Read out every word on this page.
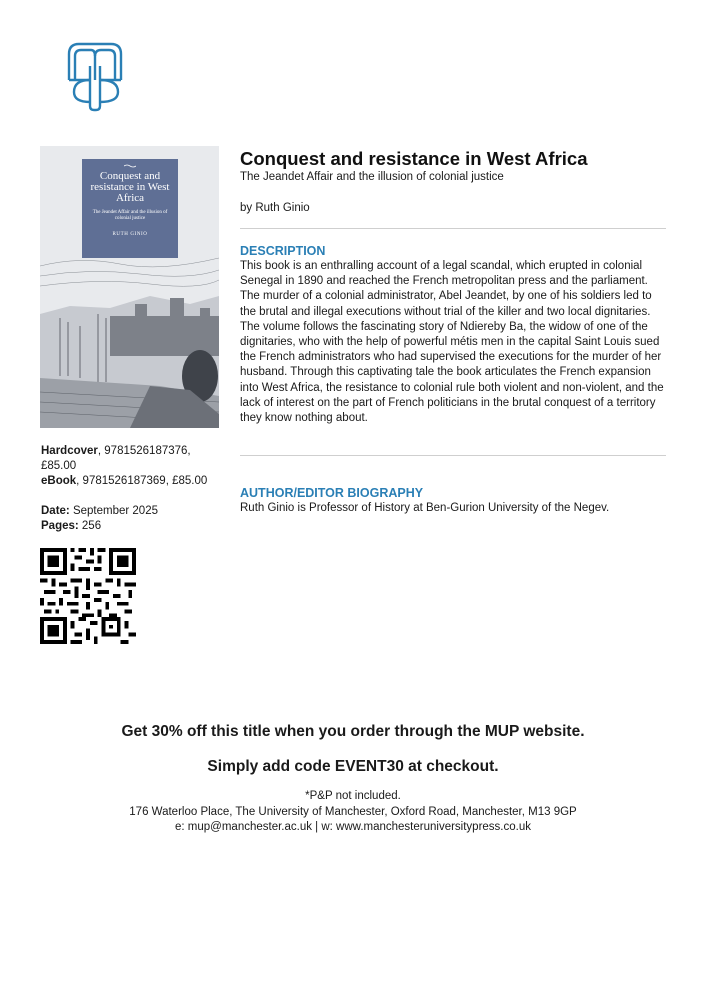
Conquest and resistance in West Africa
The Jeandet Affair and the illusion of colonial justice
RUTH GINIO
Hardcover, 9781526187376, £85.00
eBook, 9781526187369, £85.00
Date: September 2025
Pages: 256
Conquest and resistance in West Africa
The Jeandet Affair and the illusion of colonial justice
by Ruth Ginio
DESCRIPTION
This book is an enthralling account of a legal scandal, which erupted in colonial Senegal in 1890 and reached the French metropolitan press and the parliament. The murder of a colonial administrator, Abel Jeandet, by one of his soldiers led to the brutal and illegal executions without trial of the killer and two local dignitaries. The volume follows the fascinating story of Ndiereby Ba, the widow of one of the dignitaries, who with the help of powerful métis men in the capital Saint Louis sued the French administrators who had supervised the executions for the murder of her husband. Through this captivating tale the book articulates the French expansion into West Africa, the resistance to colonial rule both violent and non-violent, and the lack of interest on the part of French politicians in the brutal conquest of a territory they know nothing about.
AUTHOR/EDITOR BIOGRAPHY
Ruth Ginio is Professor of History at Ben-Gurion University of the Negev.
Get 30% off this title when you order through the MUP website.
Simply add code EVENT30 at checkout.
*P&P not included.
176 Waterloo Place, The University of Manchester, Oxford Road, Manchester, M13 9GP
e: mup@manchester.ac.uk | w: www.manchesteruniversitypress.co.uk
